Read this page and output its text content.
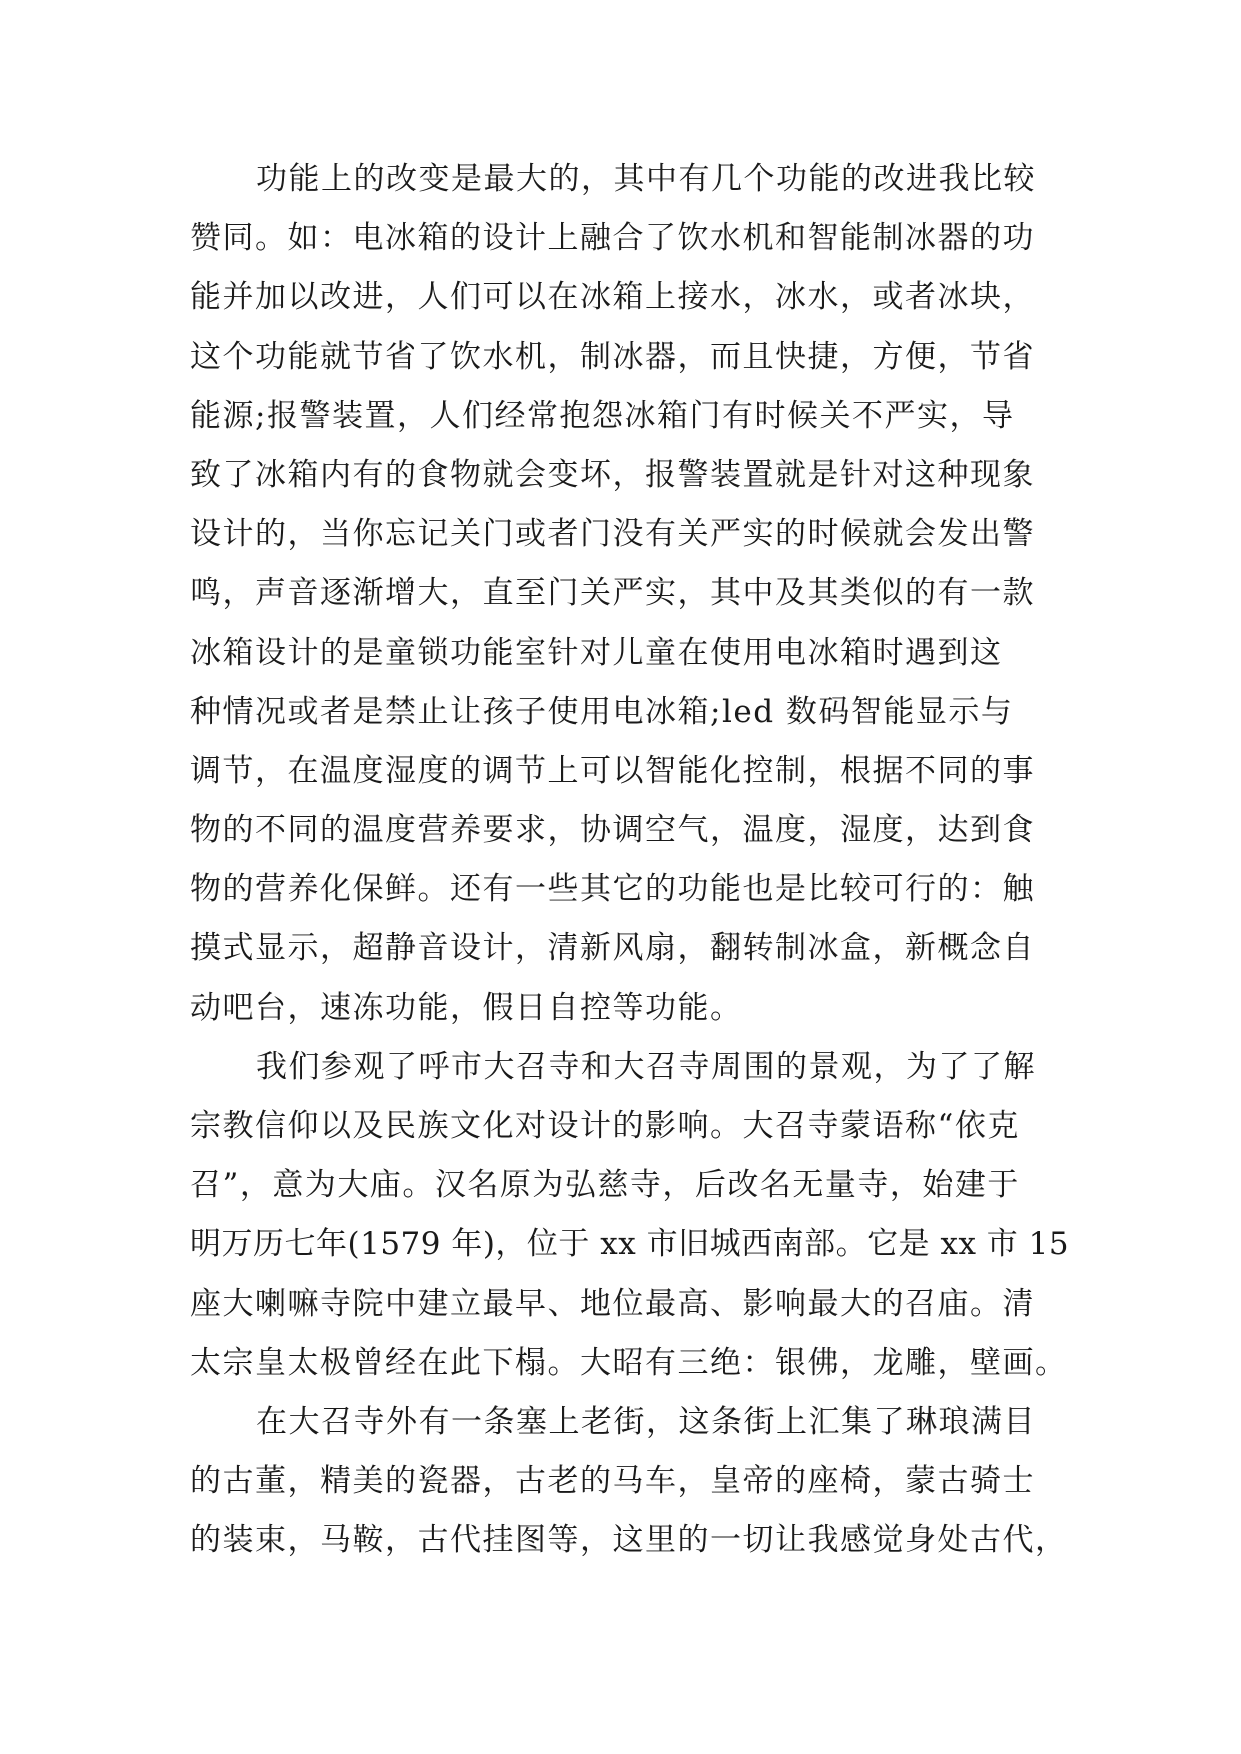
功能上的改变是最大的，其中有几个功能的改进我比较
赞同。如：电冰箱的设计上融合了饮水机和智能制冰器的功
能并加以改进，人们可以在冰箱上接水，冰水，或者冰块，
这个功能就节省了饮水机，制冰器，而且快捷，方便，节省
能源;报警装置，人们经常抱怨冰箱门有时候关不严实，导
致了冰箱内有的食物就会变坏，报警装置就是针对这种现象
设计的，当你忘记关门或者门没有关严实的时候就会发出警
鸣，声音逐渐增大，直至门关严实，其中及其类似的有一款
冰箱设计的是童锁功能室针对儿童在使用电冰箱时遇到这
种情况或者是禁止让孩子使用电冰箱;led 数码智能显示与
调节，在温度湿度的调节上可以智能化控制，根据不同的事
物的不同的温度营养要求，协调空气，温度，湿度，达到食
物的营养化保鲜。还有一些其它的功能也是比较可行的：触
摸式显示，超静音设计，清新风扇，翻转制冰盒，新概念自
动吧台，速冻功能，假日自控等功能。
我们参观了呼市大召寺和大召寺周围的景观，为了了解
宗教信仰以及民族文化对设计的影响。大召寺蒙语称“依克
召”，意为大庙。汉名原为弘慈寺，后改名无量寺，始建于
明万历七年(1579 年)，位于 xx 市旧城西南部。它是 xx 市 15
座大喇嘛寺院中建立最早、地位最高、影响最大的召庙。清
太宗皇太极曾经在此下榻。大昭有三绝：银佛，龙雕，壁画。
在大召寺外有一条塞上老街，这条街上汇集了琳琅满目
的古董，精美的瓷器，古老的马车，皇帝的座椅，蒙古骑士
的装束，马鞍，古代挂图等，这里的一切让我感觉身处古代，
